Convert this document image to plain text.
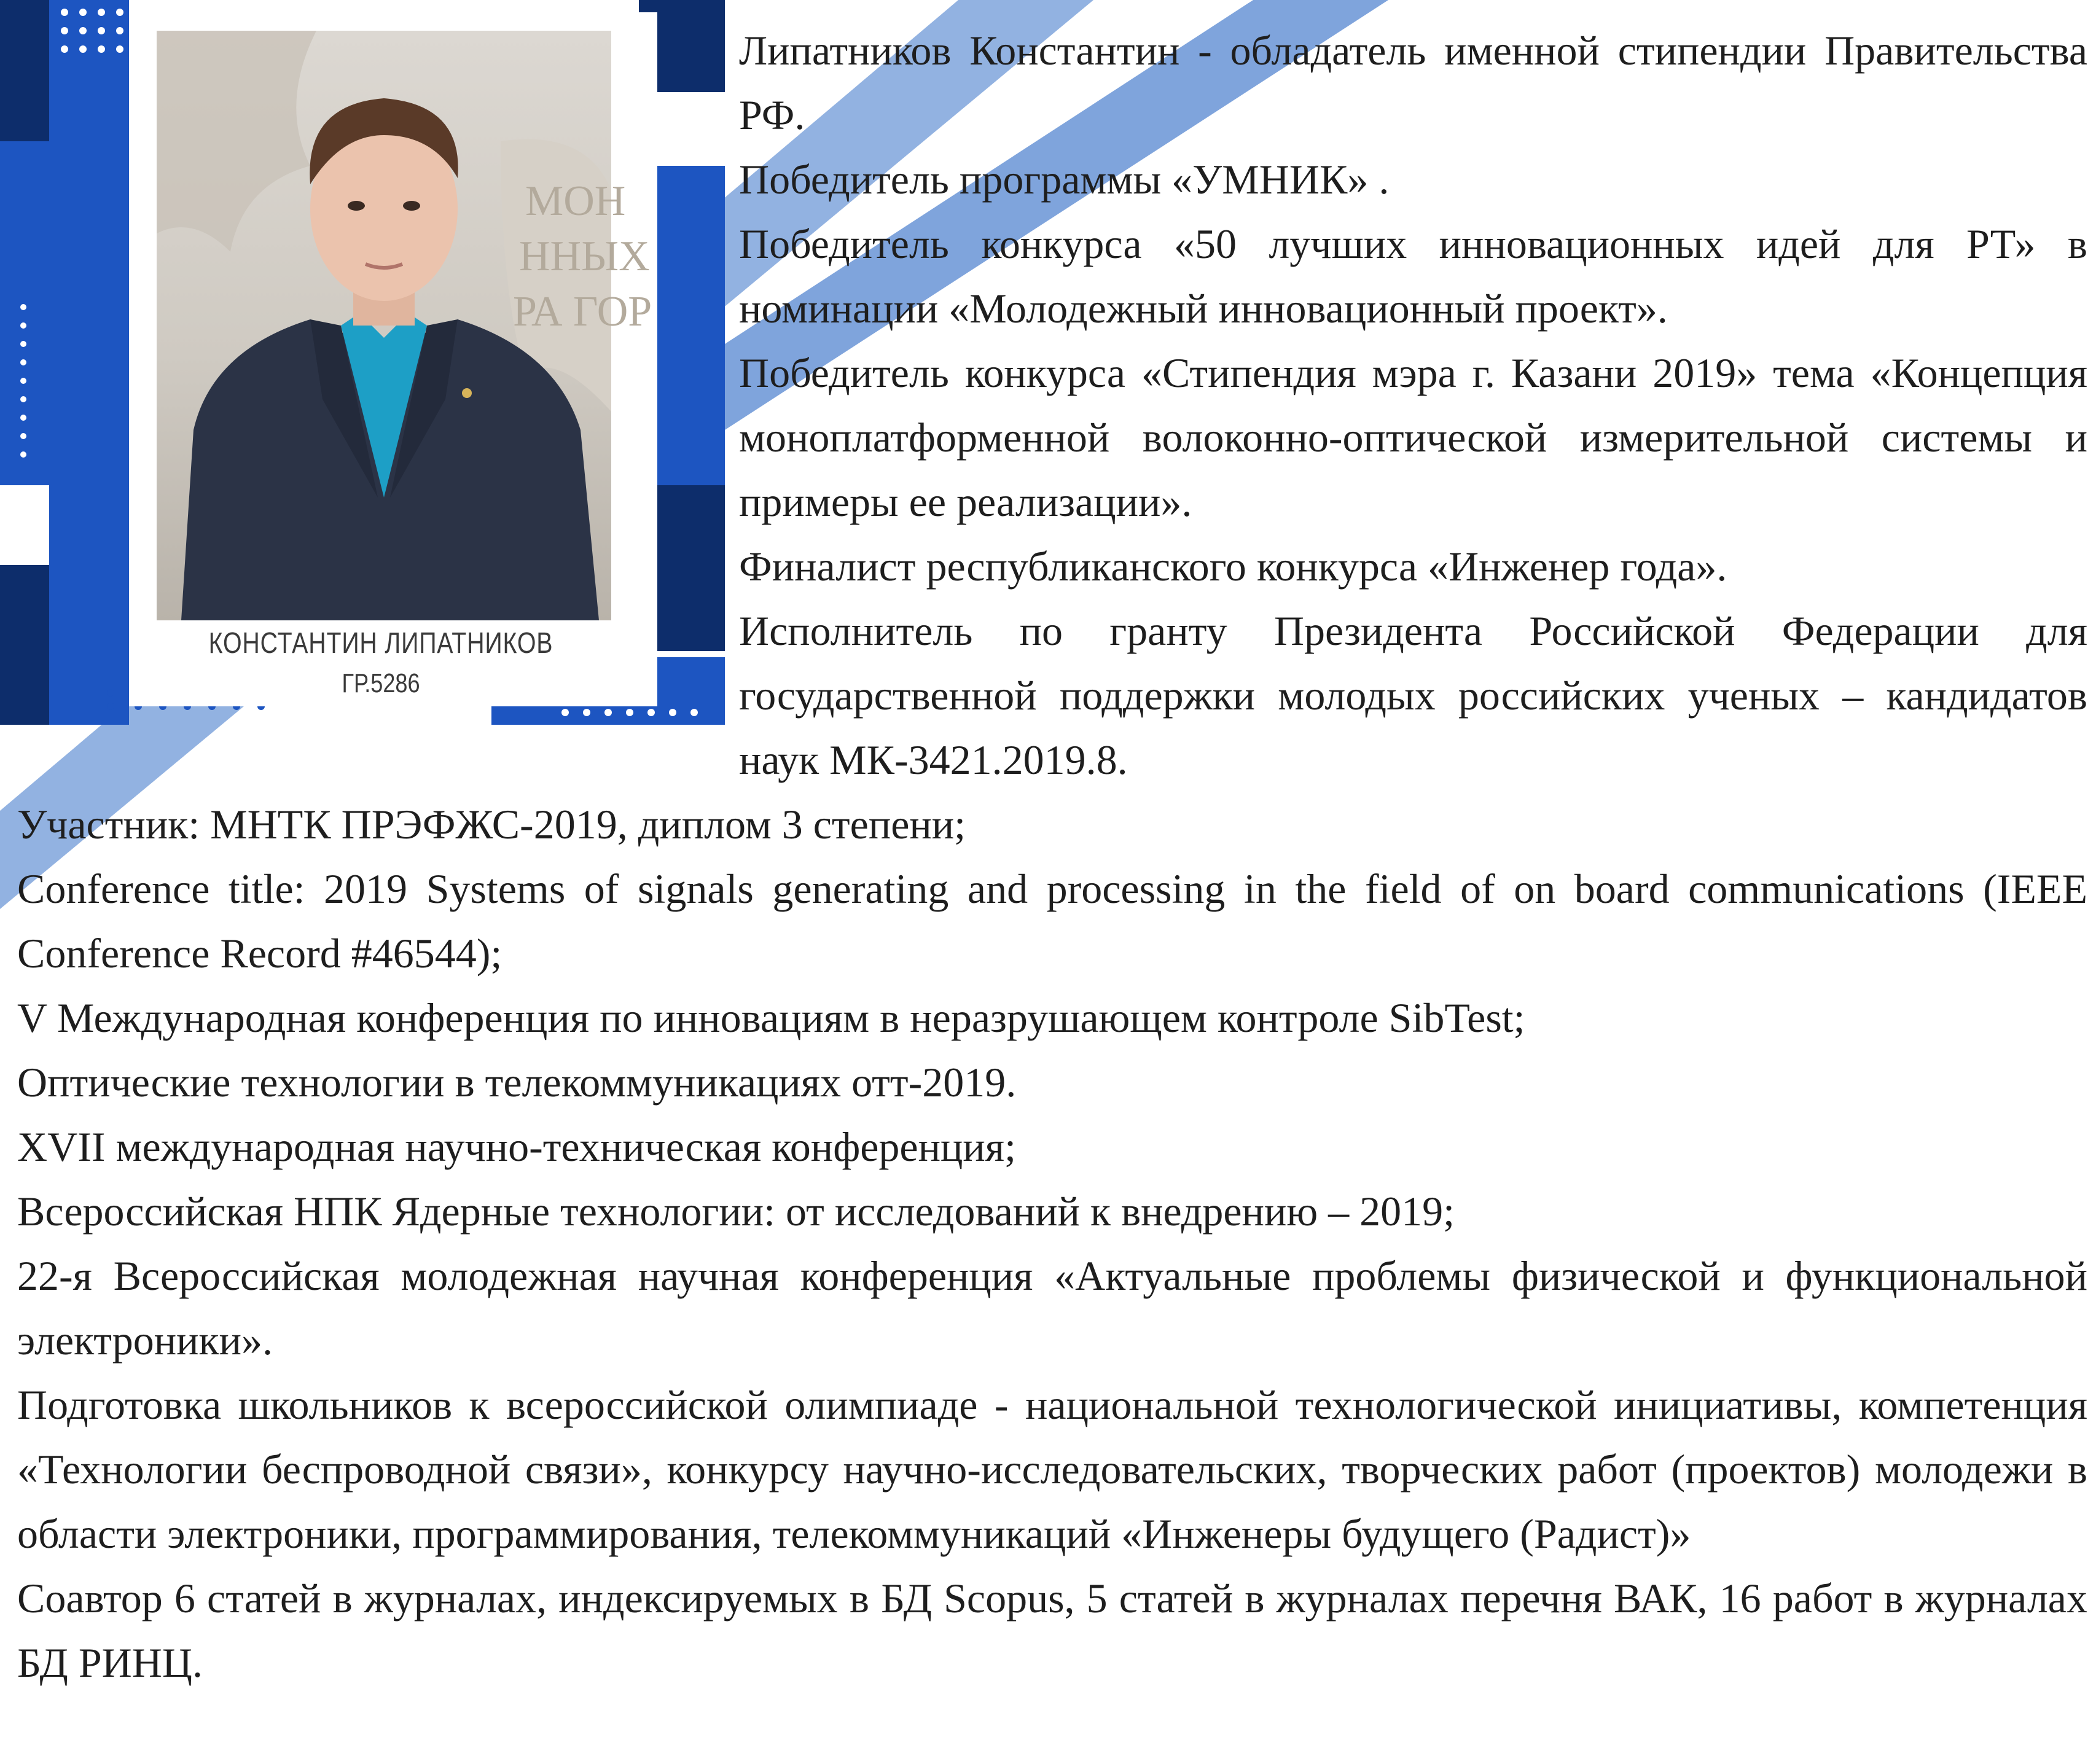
МОН
ННЫХ
РА ГОР
КОНСТАНТИН ЛИПАТНИКОВ
ГР.5286

Липатников Константин - обладатель именной стипендии Правительства РФ.

Победитель программы «УМНИК» .

Победитель конкурса «50 лучших инновационных идей для РТ» в номинации «Молодежный инновационный проект».

Победитель конкурса «Стипендия мэра г. Казани 2019» тема «Концепция моноплатформенной волоконно-оптической измерительной системы и примеры ее реализации».

Финалист республиканского конкурса «Инженер года».

Исполнитель по гранту Президента Российской Федерации для государственной поддержки молодых российских ученых – кандидатов наук МК-3421.2019.8.

Участник: МНТК ПРЭФЖС-2019, диплом 3 степени;

Conference title: 2019 Systems of signals generating and processing in the field of on board communications (IEEE Conference Record #46544);

V Международная конференция по инновациям в неразрушающем контроле SibTest;

Оптические технологии в телекоммуникациях отт-2019.

XVII международная научно-техническая конференция;

Всероссийская НПК Ядерные технологии: от исследований к внедрению – 2019;

22-я Всероссийская молодежная научная конференция «Актуальные проблемы физической и функциональной электроники».

Подготовка школьников к всероссийской олимпиаде - национальной технологической инициативы, компетенция «Технологии беспроводной связи», конкурсу научно-исследовательских, творческих работ (проектов) молодежи в области электроники, программирования, телекоммуникаций «Инженеры будущего (Радист)»

Соавтор 6 статей в журналах, индексируемых в БД Scopus, 5 статей в журналах перечня ВАК, 16 работ в журналах БД РИНЦ.
